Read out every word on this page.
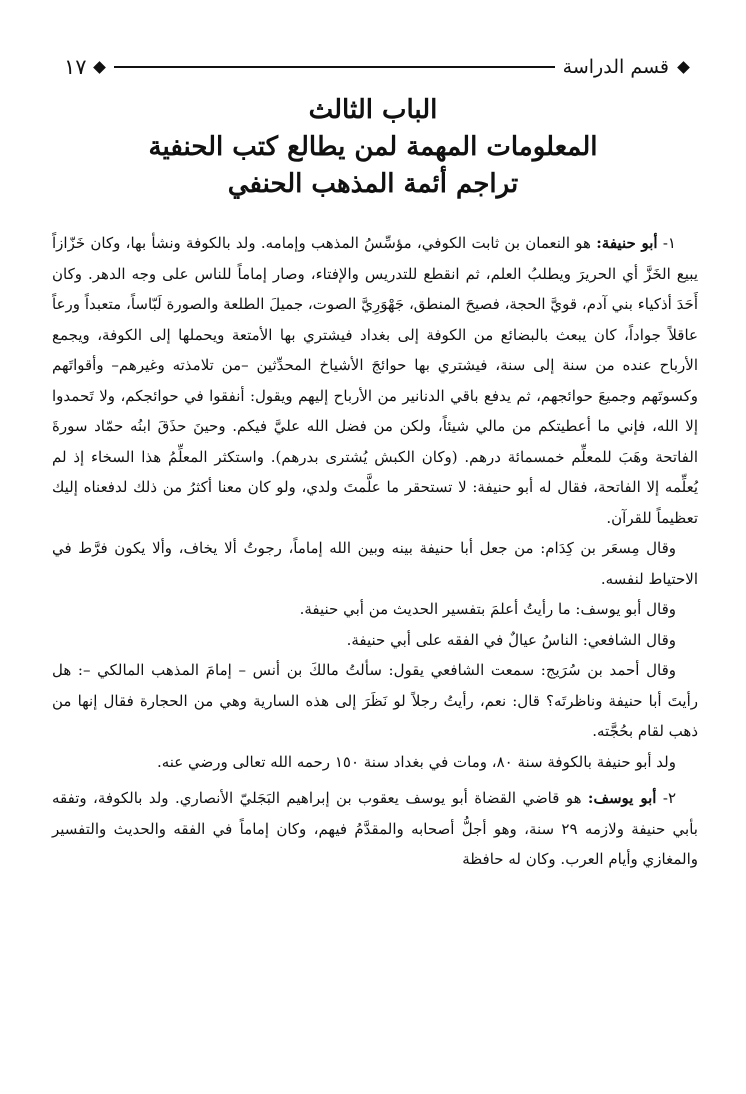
قسم الدراسة
١٧
الباب الثالث
المعلومات المهمة لمن يطالع كتب الحنفية
تراجم أئمة المذهب الحنفي

١- أبو حنيفة: هو النعمان بن ثابت الكوفي، مؤسِّسُ المذهب وإمامه. ولد بالكوفة ونشأ بها، وكان خَزّازاً يبيع الخَزَّ أي الحريرَ ويطلبُ العلم، ثم انقطع للتدريس والإفتاء، وصار إماماً للناس على وجه الدهر. وكان أَحَدَ أذكياء بني آدم، قويَّ الحجة، فصيحَ المنطق، جَهْوَرِيَّ الصوت، جميلَ الطلعة والصورة لَبّاساً، متعبداً ورعاً عاقلاً جواداً، كان يبعث بالبضائع من الكوفة إلى بغداد فيشتري بها الأمتعة ويحملها إلى الكوفة، ويجمع الأرباح عنده من سنة إلى سنة، فيشتري بها حوائجَ الأشياخ المحدِّثين –من تلامذته وغيرهم– وأقواتَهم وكسوتَهم وجميعَ حوائجهم، ثم يدفع باقي الدنانير من الأرباح إليهم ويقول: أنفقوا في حوائجكم، ولا تَحمدوا إلا الله، فإني ما أعطيتكم من مالي شيئاً، ولكن من فضل الله عليَّ فيكم. وحينَ حذَقَ ابنُه حمّاد سورةَ الفاتحة وهَبَ للمعلِّم خمسمائة درهم. (وكان الكبش يُشترى بدرهم). واستكثر المعلِّمُ هذا السخاء إذ لم يُعلِّمه إلا الفاتحة، فقال له أبو حنيفة: لا تستحقر ما علَّمتَ ولدي، ولو كان معنا أكثرُ من ذلك لدفعناه إليك تعظيماً للقرآن.

وقال مِسعَر بن كِدَام: من جعل أبا حنيفة بينه وبين الله إماماً، رجوتُ ألا يخاف، وألا يكون فرَّط في الاحتياط لنفسه.

وقال أبو يوسف: ما رأيتُ أعلمَ بتفسير الحديث من أبي حنيفة.

وقال الشافعي: الناسُ عيالٌ في الفقه على أبي حنيفة.

وقال أحمد بن سُرَيج: سمعت الشافعي يقول: سألتُ مالكَ بن أنس – إمامَ المذهب المالكي –: هل رأيتَ أبا حنيفة وناظرتَه؟ قال: نعم، رأيتُ رجلاً لو نَظَرَ إلى هذه السارية وهي من الحجارة فقال إنها من ذهب لقام بحُجَّته.

ولد أبو حنيفة بالكوفة سنة ٨٠، ومات في بغداد سنة ١٥٠ رحمه الله تعالى ورضي عنه.

٢- أبو يوسف: هو قاضي القضاة أبو يوسف يعقوب بن إبراهيم البَجَليّ الأنصاري. ولد بالكوفة، وتفقه بأبي حنيفة ولازمه ٢٩ سنة، وهو أجلُّ أصحابه والمقدَّمُ فيهم، وكان إماماً في الفقه والحديث والتفسير والمغازي وأيام العرب. وكان له حافظة
